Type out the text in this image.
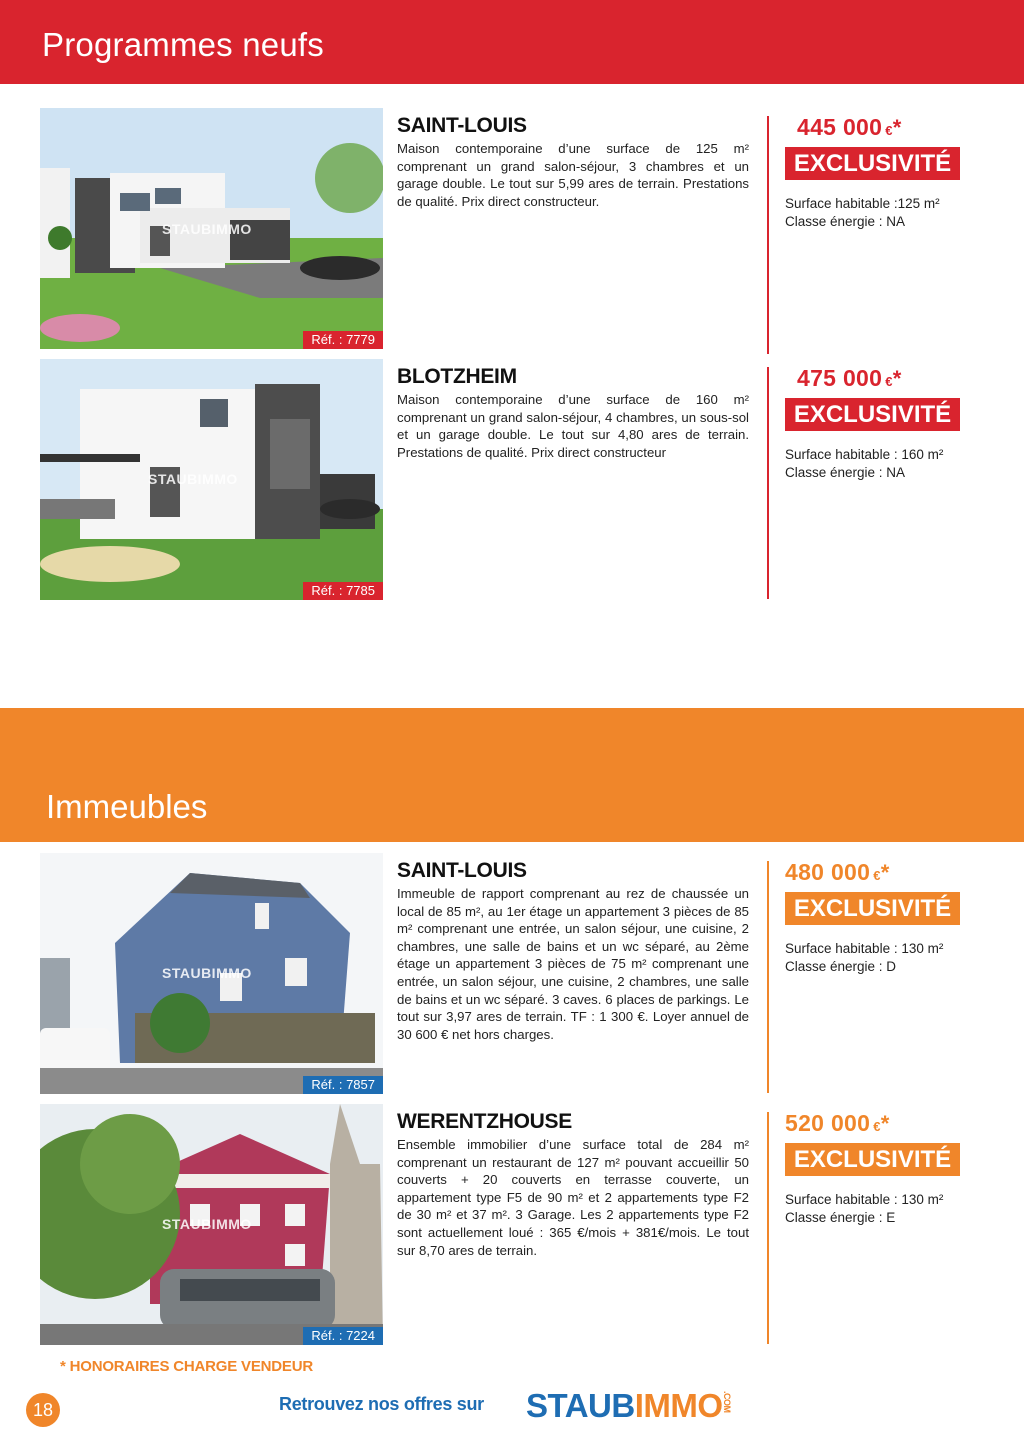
Programmes neufs
STAUBIMMO
Réf. : 7779
SAINT-LOUIS
Maison contemporaine d’une surface de 125 m² comprenant un grand salon-séjour, 3 chambres et un garage double. Le tout sur 5,99 ares de terrain. Prestations de qualité. Prix direct constructeur.
445 000 €*
EXCLUSIVITÉ
Surface habitable :125 m²
Classe énergie : NA
STAUBIMMO
Réf. : 7785
BLOTZHEIM
Maison contemporaine d’une surface de 160 m² comprenant un grand salon-séjour, 4 chambres, un sous-sol et un garage double. Le tout sur 4,80 ares de terrain. Prestations de qualité. Prix direct constructeur
475 000 €*
EXCLUSIVITÉ
Surface habitable : 160 m²
Classe énergie : NA
Immeubles
STAUBIMMO
Réf. : 7857
SAINT-LOUIS
Immeuble de rapport comprenant au rez de chaussée un local de 85 m², au 1er étage un appartement 3 pièces de 85 m² comprenant une entrée, un salon séjour, une cuisine, 2 chambres, une salle de bains et un wc séparé, au 2ème étage un appartement 3 pièces de 75 m² comprenant une entrée, un salon séjour, une cuisine, 2 chambres, une salle de bains et un wc séparé. 3 caves. 6 places de parkings. Le tout sur 3,97 ares de terrain. TF : 1 300 €. Loyer annuel de 30 600 € net hors charges.
480 000 €*
EXCLUSIVITÉ
Surface habitable : 130 m²
Classe énergie : D
STAUBIMMO
Réf. : 7224
WERENTZHOUSE
Ensemble immobilier d’une surface total de 284 m² comprenant un restaurant de 127 m² pouvant accueillir 50 couverts + 20 couverts en terrasse couverte, un appartement type F5 de 90 m² et 2 appartements type F2 de 30 m² et 37 m². 3 Garage. Les 2 appartements type F2 sont actuellement loué : 365 €/mois + 381€/mois. Le tout sur 8,70 ares de terrain.
520 000 €*
EXCLUSIVITÉ
Surface habitable : 130 m²
Classe énergie : E
* HONORAIRES CHARGE VENDEUR
18	Retrouvez nos offres sur STAUBIMMO .COM
